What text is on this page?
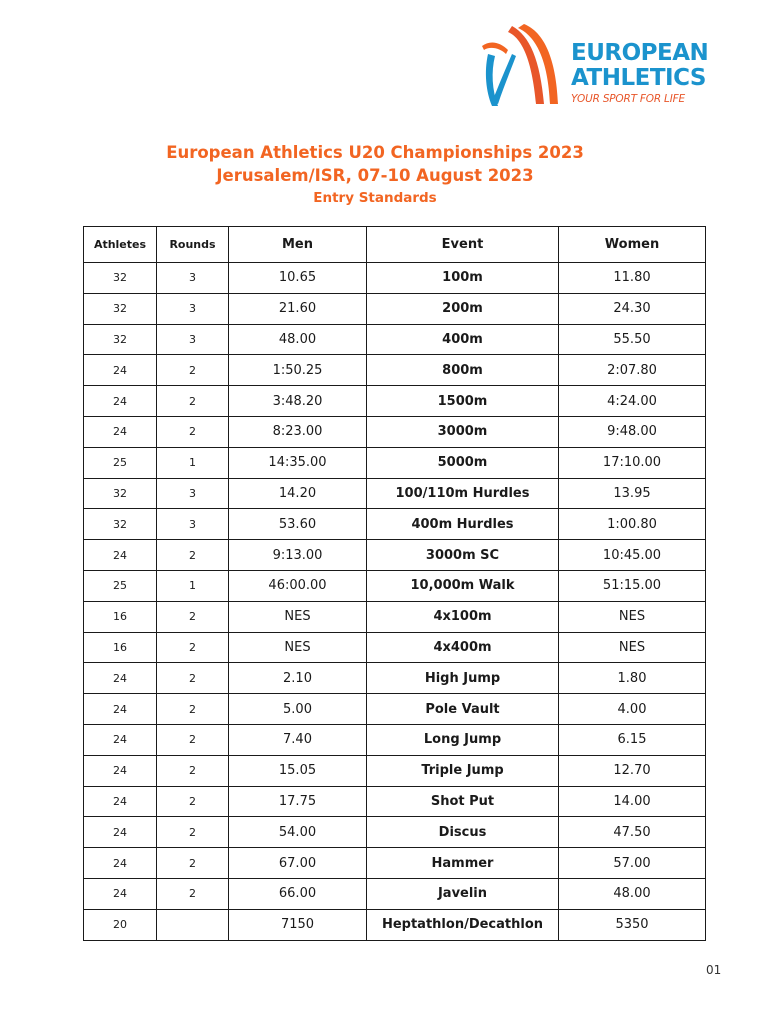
EUROPEAN
ATHLETICS
YOUR SPORT FOR LIFE
European Athletics U20 Championships 2023
Jerusalem/ISR, 07-10 August 2023
Entry Standards
Athletes	Rounds	Men	Event	Women
32	3	10.65	100m	11.80
32	3	21.60	200m	24.30
32	3	48.00	400m	55.50
24	2	1:50.25	800m	2:07.80
24	2	3:48.20	1500m	4:24.00
24	2	8:23.00	3000m	9:48.00
25	1	14:35.00	5000m	17:10.00
32	3	14.20	100/110m Hurdles	13.95
32	3	53.60	400m Hurdles	1:00.80
24	2	9:13.00	3000m SC	10:45.00
25	1	46:00.00	10,000m Walk	51:15.00
16	2	NES	4x100m	NES
16	2	NES	4x400m	NES
24	2	2.10	High Jump	1.80
24	2	5.00	Pole Vault	4.00
24	2	7.40	Long Jump	6.15
24	2	15.05	Triple Jump	12.70
24	2	17.75	Shot Put	14.00
24	2	54.00	Discus	47.50
24	2	67.00	Hammer	57.00
24	2	66.00	Javelin	48.00
20		7150	Heptathlon/Decathlon	5350
01
